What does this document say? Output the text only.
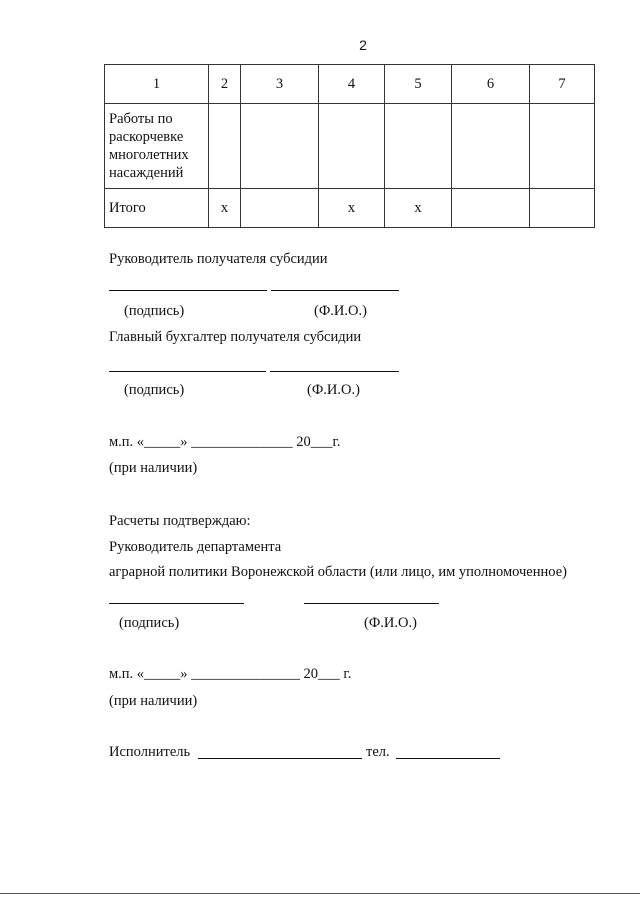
2
1	2	3	4	5	6	7
Работы по раскорчевке многолетних насаждений						
Итого	х		х	х		
Руководитель получателя субсидии
(подпись)	(Ф.И.О.)
Главный бухгалтер получателя субсидии
(подпись)	(Ф.И.О.)
м.п. «_____» ______________ 20___г.
(при наличии)
Расчеты подтверждаю:
Руководитель департамента
аграрной политики Воронежской области (или лицо, им уполномоченное)
(подпись)	(Ф.И.О.)
м.п. «_____» _______________ 20___ г.
(при наличии)
Исполнитель	тел.
